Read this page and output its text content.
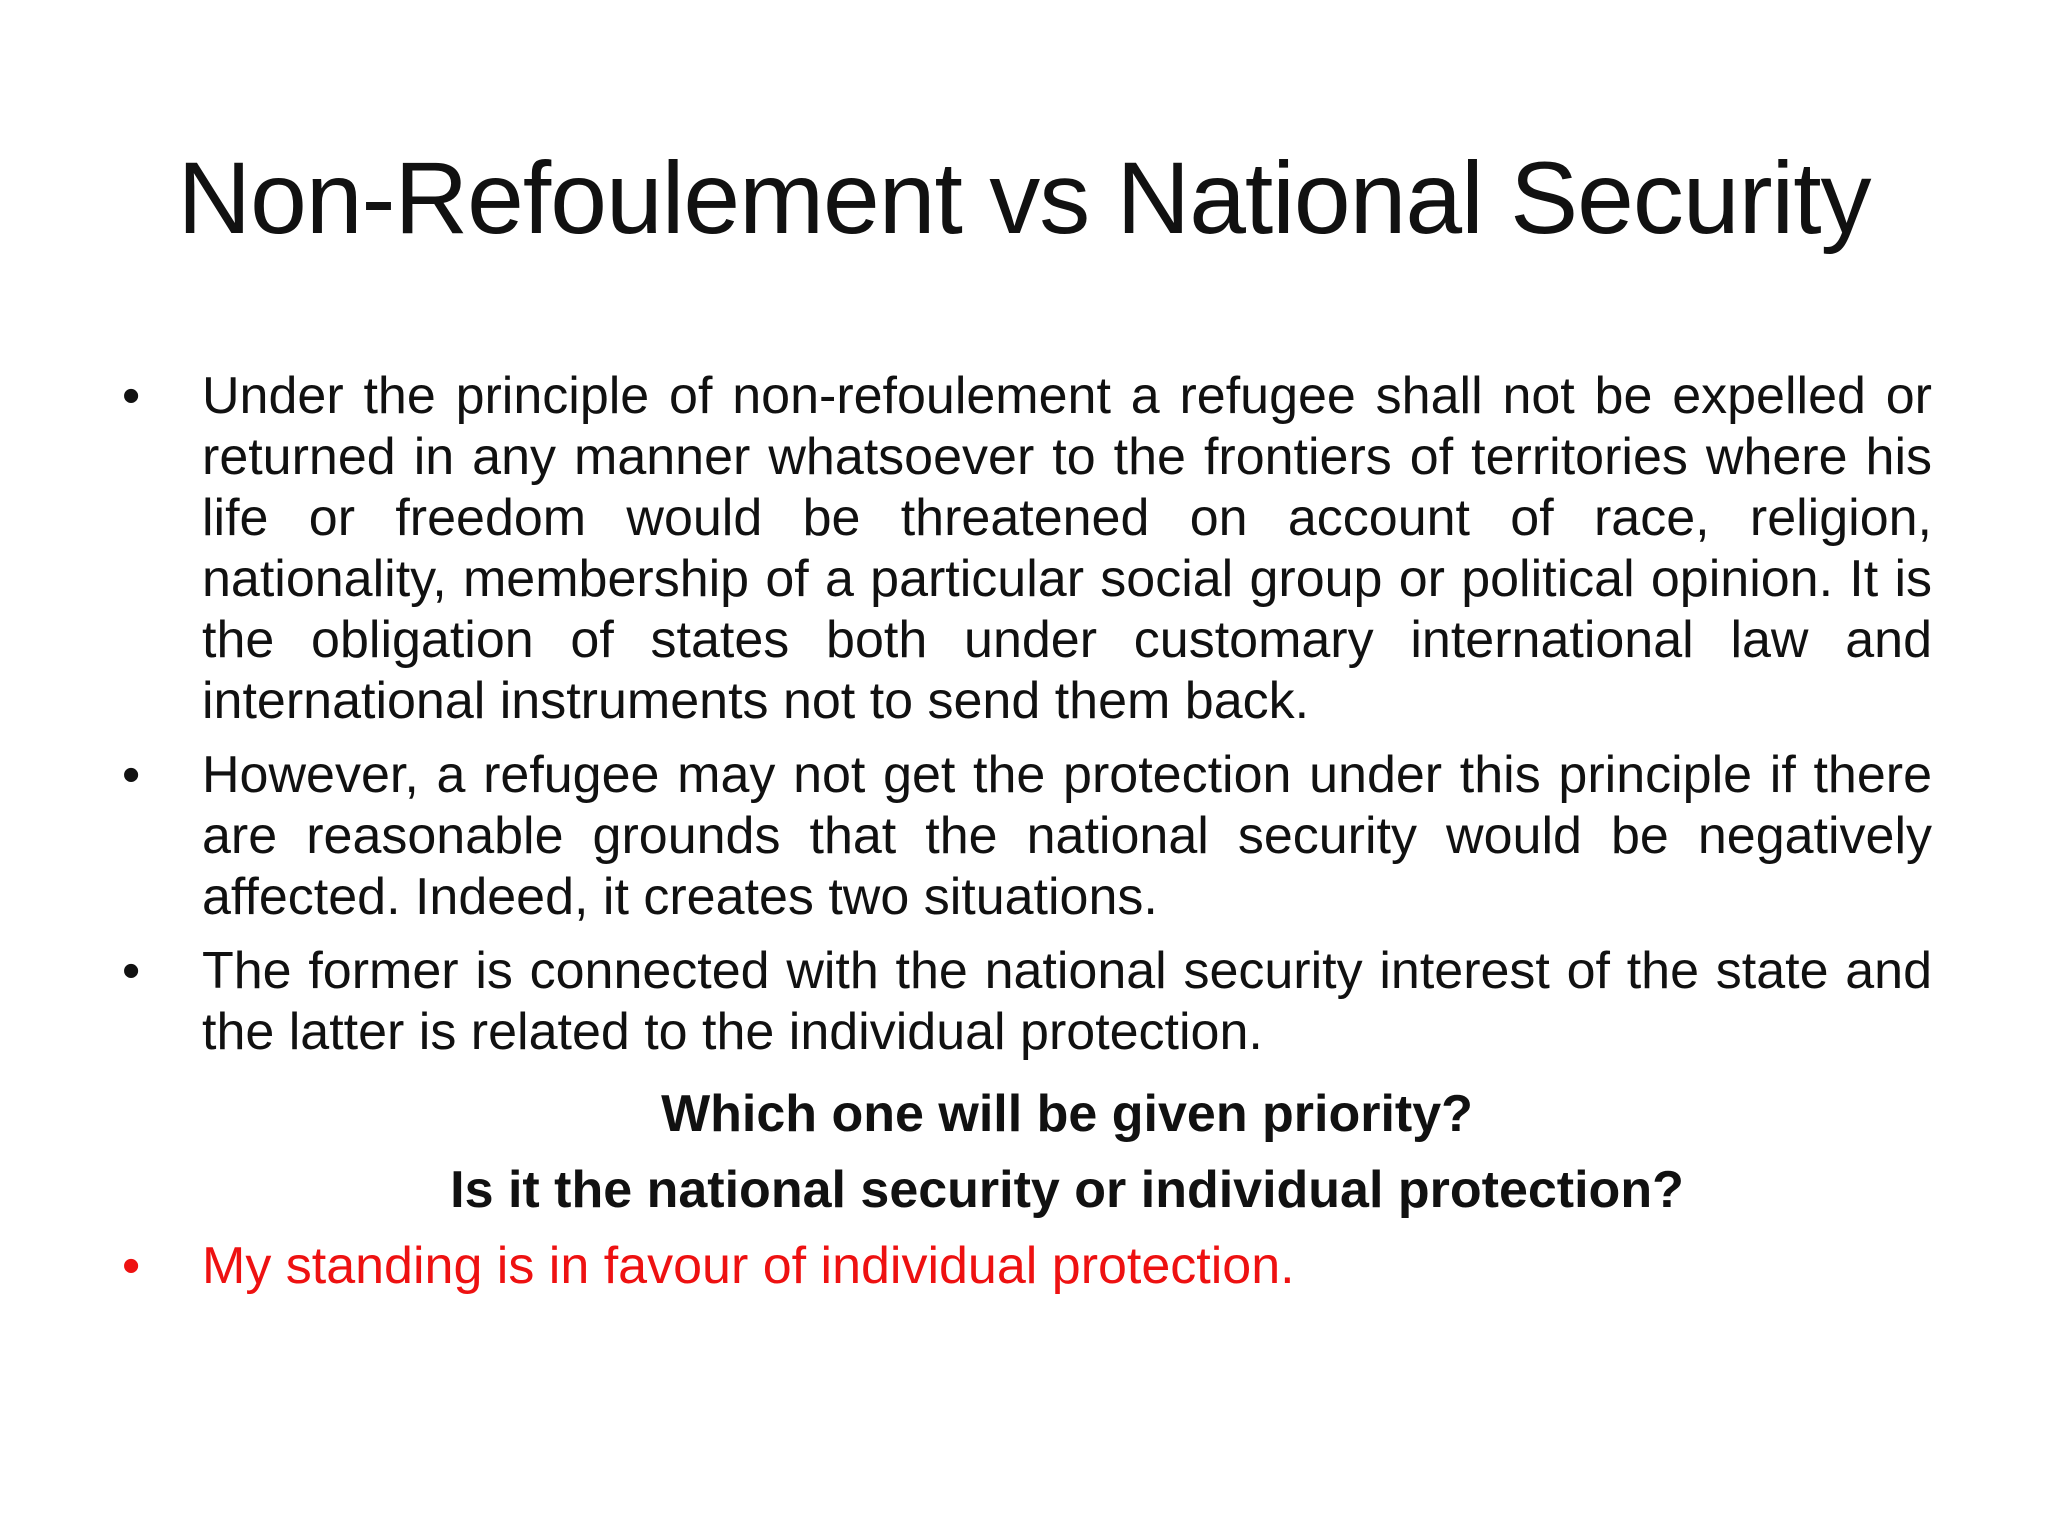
Non-Refoulement vs National Security

•	Under the principle of non-refoulement a refugee shall not be expelled or returned in any manner whatsoever to the frontiers of territories where his life or freedom would be threatened on account of race, religion, nationality, membership of a particular social group or political opinion. It is the obligation of states both under customary international law and international instruments not to send them back.

•	However, a refugee may not get the protection under this principle if there are reasonable grounds that the national security would be negatively affected. Indeed, it creates two situations.

•	The former is connected with the national security interest of the state and the latter is related to the individual protection.

Which one will be given priority?

Is it the national security or individual protection?

•	My standing is in favour of individual protection.
